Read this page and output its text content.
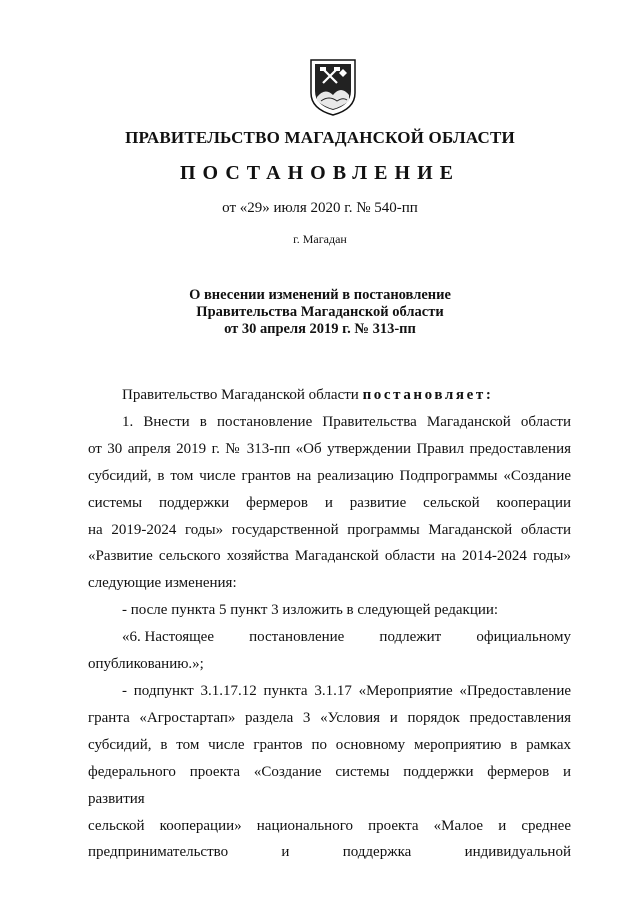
ПРАВИТЕЛЬСТВО МАГАДАНСКОЙ ОБЛАСТИ
ПОСТАНОВЛЕНИЕ
от «29» июля 2020 г. № 540-пп
г. Магадан
О внесении изменений в постановление
Правительства Магаданской области
от 30 апреля 2019 г. № 313-пп
Правительство Магаданской области постановляет:
1. Внести в постановление Правительства Магаданской области
от 30 апреля 2019 г. № 313-пп «Об утверждении Правил предоставления
субсидий, в том числе грантов на реализацию Подпрограммы «Создание
системы поддержки фермеров и развитие сельской кооперации
на 2019-2024 годы» государственной программы Магаданской области
«Развитие сельского хозяйства Магаданской области на 2014-2024 годы»
следующие изменения:
- после пункта 5 пункт 3 изложить в следующей редакции:
«6. Настоящее постановление подлежит официальному
опубликованию.»;
- подпункт 3.1.17.12 пункта 3.1.17 «Мероприятие «Предоставление
гранта «Агростартап» раздела 3 «Условия и порядок предоставления
субсидий, в том числе грантов по основному мероприятию в рамках
федерального проекта «Создание системы поддержки фермеров и развития
сельской кооперации» национального проекта «Малое и среднее
предпринимательство	и	поддержка	индивидуальной
